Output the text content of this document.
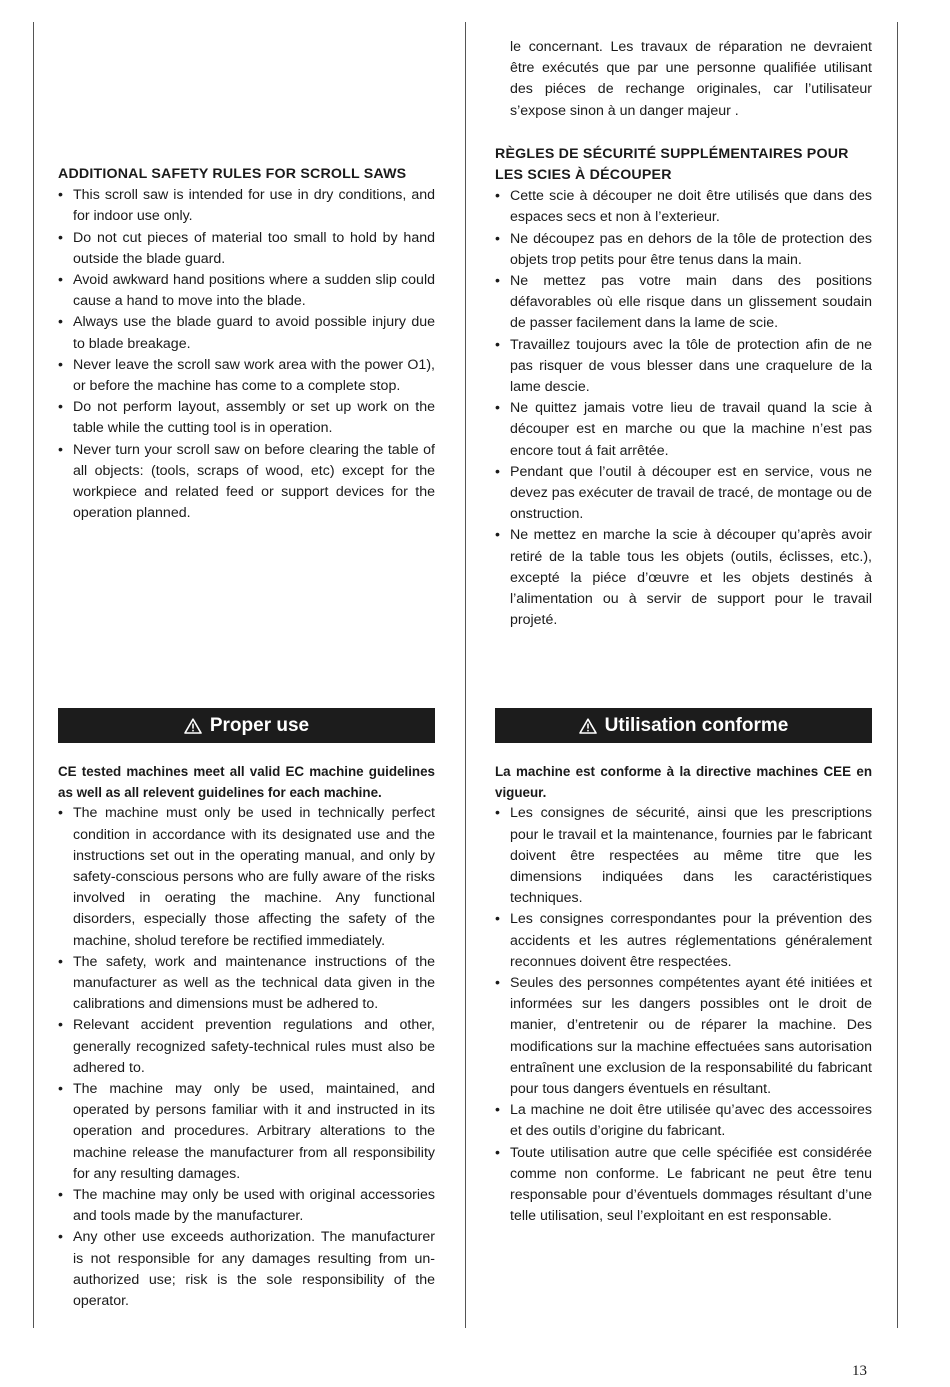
ADDITIONAL SAFETY RULES FOR SCROLL SAWS
• This scroll saw is intended for use in dry conditions, and for indoor use only.
• Do not cut pieces of material too small to hold by hand outside the blade guard.
• Avoid awkward hand positions where a sudden slip could cause a hand to move into the blade.
• Always use the blade guard to avoid possible injury due to blade breakage.
• Never leave the scroll saw work area with the power O1), or before the machine has come to a complete stop.
• Do not perform layout, assembly or set up work on the table while the cutting tool is in operation.
• Never turn your scroll saw on before clearing the table of all objects: (tools, scraps of wood, etc) except for the workpiece and related feed or support devices for the operation planned.

le concernant. Les travaux de réparation ne devraient être exécutés que par une personne qualifiée utilisant des piéces de rechange originales, car l’utilisateur s’expose sinon à un danger majeur .

RÈGLES DE SÉCURITÉ SUPPLÉMENTAIRES POUR LES SCIES À DÉCOUPER
• Cette scie à découper ne doit être utilisés que dans des espaces secs et non à l’exterieur.
• Ne découpez pas en dehors de la tôle de protection des objets trop petits pour être tenus dans la main.
• Ne mettez pas votre main dans des positions défavorables où elle risque dans un glissement soudain de passer facilement dans la lame de scie.
• Travaillez toujours avec la tôle de protection afin de ne pas risquer de vous blesser dans une craquelure de la lame descie.
• Ne quittez jamais votre lieu de travail quand la scie à découper est en marche ou que la machine n’est pas encore tout á fait arrêtée.
• Pendant que l’outil à découper est en service, vous ne devez pas exécuter de travail de tracé, de montage ou de onstruction.
• Ne mettez en marche la scie à découper qu’après avoir retiré de la table tous les objets (outils, éclisses, etc.), excepté la piéce d’œuvre et les objets destinés à l’alimentation ou à servir de support pour le travail projeté.
Proper use	Utilisation conforme

CE tested machines meet all valid EC machine guidelines as well as all relevent guidelines for each machine.

• The machine must only be used in technically perfect condition in accordance with its designated use and the instructions set out in the operating manual, and only by safety-conscious persons who are fully aware of the risks involved in oerating the machine. Any functional disorders, especially those affecting the safety of the machine, sholud terefore be rectified immediately.
• The safety, work and maintenance instructions of the manufacturer as well as the technical data given in the calibrations and dimensions must be adhered to.
• Relevant accident prevention regulations and other, generally recognized safety-technical rules must also be adhered to.
• The machine may only be used, maintained, and operated by persons familiar with it and instructed in its operation and procedures. Arbitrary alterations to the machine release the manufacturer from all responsibility for any resulting damages.
• The machine may only be used with original accessories and tools made by the manufacturer.
• Any other use exceeds authorization. The manufacturer is not responsible for any damages resulting from un-authorized use; risk is the sole responsibility of the operator.

La machine est conforme à la directive machines CEE en vigueur.

• Les consignes de sécurité, ainsi que les prescriptions pour le travail et la maintenance, fournies par le fabricant doivent être respectées au même titre que les dimensions indiquées dans les caractéristiques techniques.
• Les consignes correspondantes pour la prévention des accidents et les autres réglementations généralement reconnues doivent être respectées.
• Seules des personnes compétentes ayant été initiées et informées sur les dangers possibles ont le droit de manier, d’entretenir ou de réparer la machine. Des modifications sur la machine effectuées sans autorisation entraînent une exclusion de la responsabilité du fabricant pour tous dangers éventuels en résultant.
• La machine ne doit être utilisée qu’avec des accessoires et des outils d’origine du fabricant.
• Toute utilisation autre que celle spécifiée est considérée comme non conforme. Le fabricant ne peut être tenu responsable pour d’éventuels dommages résultant d’une telle utilisation, seul l’exploitant en est responsable.
13
